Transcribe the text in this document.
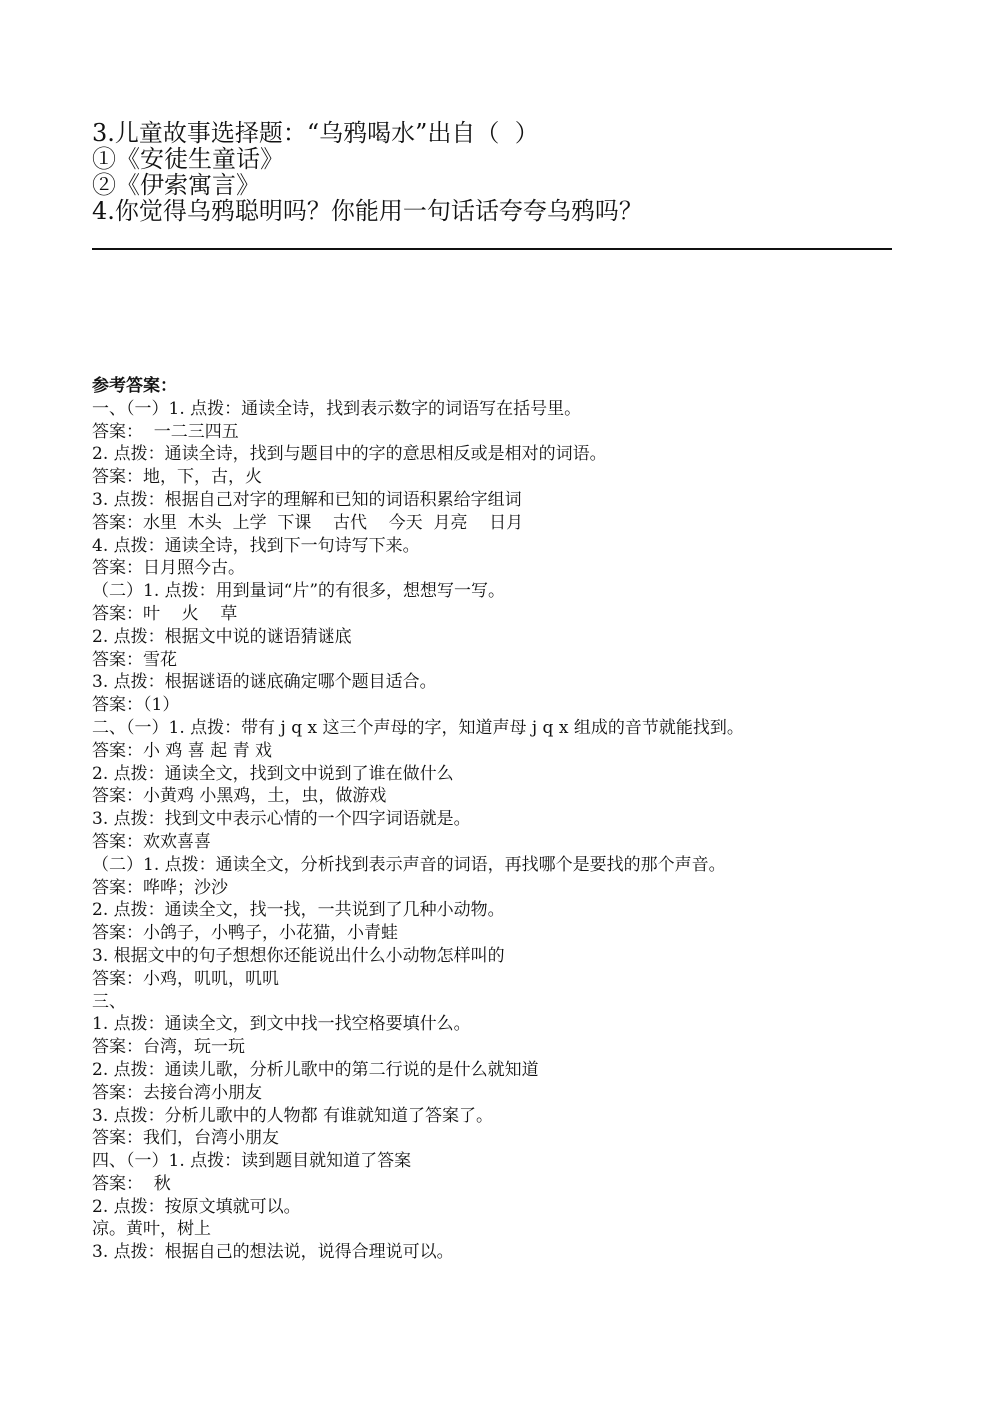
3.儿童故事选择题：“乌鸦喝水”出自（  ）
①《安徒生童话》
②《伊索寓言》
4.你觉得乌鸦聪明吗？你能用一句话话夸夸乌鸦吗？
参考答案：
一、（一）1. 点拨：通读全诗，找到表示数字的词语写在括号里。
答案：  一二三四五
2. 点拨：通读全诗，找到与题目中的字的意思相反或是相对的词语。
答案：地，下，古，火
3. 点拨：根据自己对字的理解和已知的词语积累给字组词
答案：水里  木头  上学  下课    古代    今天  月亮    日月
4. 点拨：通读全诗，找到下一句诗写下来。
答案：日月照今古。
（二）1. 点拨：用到量词“片”的有很多，想想写一写。
答案：叶    火    草
2. 点拨：根据文中说的谜语猜谜底
答案：雪花
3. 点拨：根据谜语的谜底确定哪个题目适合。
答案：（1）
二、（一）1. 点拨：带有 j q x 这三个声母的字，知道声母 j q x 组成的音节就能找到。
答案：小 鸡 喜 起 青 戏
2. 点拨：通读全文，找到文中说到了谁在做什么
答案：小黄鸡 小黑鸡，土，虫，做游戏
3. 点拨：找到文中表示心情的一个四字词语就是。
答案：欢欢喜喜
（二）1. 点拨：通读全文，分析找到表示声音的词语，再找哪个是要找的那个声音。
答案：哗哗；沙沙
2. 点拨：通读全文，找一找，一共说到了几种小动物。
答案：小鸽子，小鸭子，小花猫，小青蛙
3. 根据文中的句子想想你还能说出什么小动物怎样叫的
答案：小鸡，叽叽，叽叽
三、
1. 点拨：通读全文，到文中找一找空格要填什么。
答案：台湾，玩一玩
2. 点拨：通读儿歌，分析儿歌中的第二行说的是什么就知道
答案：去接台湾小朋友
3. 点拨：分析儿歌中的人物都 有谁就知道了答案了。
答案：我们，台湾小朋友
四、（一）1. 点拨：读到题目就知道了答案
答案：  秋
2. 点拨：按原文填就可以。
凉。黄叶，树上
3. 点拨：根据自己的想法说，说得合理说可以。
